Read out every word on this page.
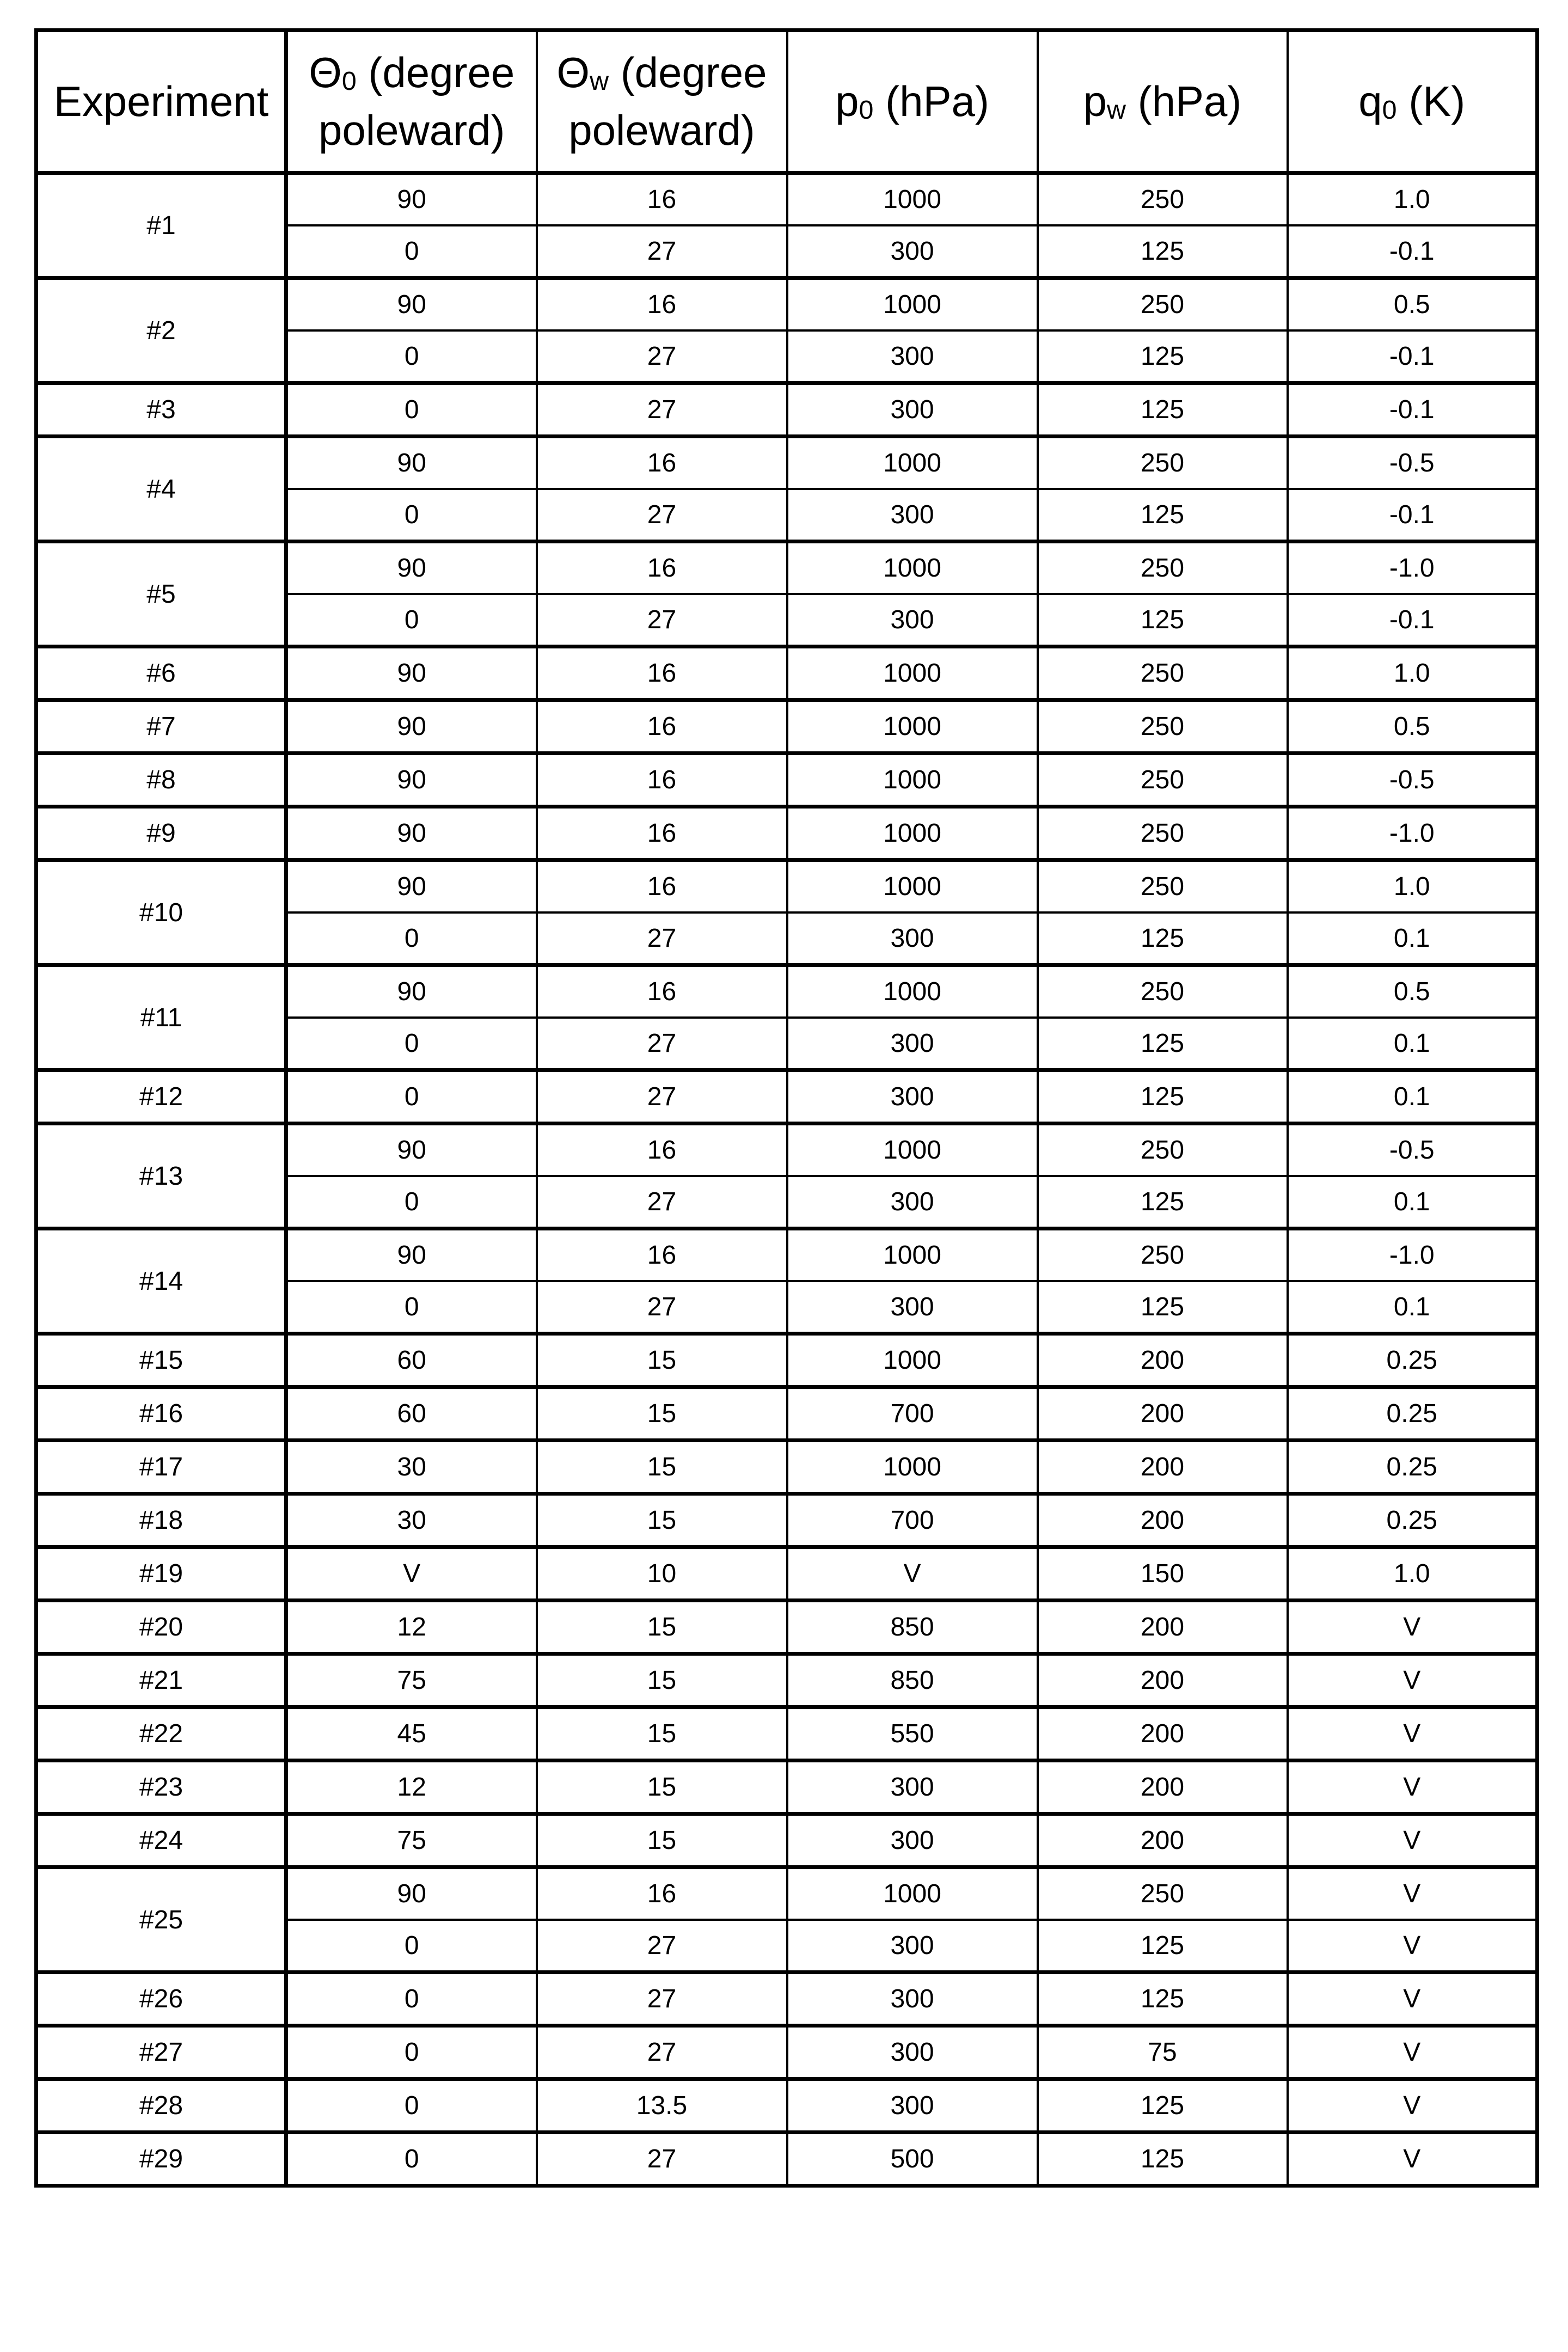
Experiment	$\Theta_0$ (degree poleward)	$\Theta_w$ (degree poleward)	$p_0$ (hPa)	$p_w$ (hPa)	$q_0$ (K)
#1	90	16	1000	250	1.0
	0	27	300	125	-0.1
#2	90	16	1000	250	0.5
	0	27	300	125	-0.1
#3	0	27	300	125	-0.1
#4	90	16	1000	250	-0.5
	0	27	300	125	-0.1
#5	90	16	1000	250	-1.0
	0	27	300	125	-0.1
#6	90	16	1000	250	1.0
#7	90	16	1000	250	0.5
#8	90	16	1000	250	-0.5
#9	90	16	1000	250	-1.0
#10	90	16	1000	250	1.0
	0	27	300	125	0.1
#11	90	16	1000	250	0.5
	0	27	300	125	0.1
#12	0	27	300	125	0.1
#13	90	16	1000	250	-0.5
	0	27	300	125	0.1
#14	90	16	1000	250	-1.0
	0	27	300	125	0.1
#15	60	15	1000	200	0.25
#16	60	15	700	200	0.25
#17	30	15	1000	200	0.25
#18	30	15	700	200	0.25
#19	V	10	V	150	1.0
#20	12	15	850	200	V
#21	75	15	850	200	V
#22	45	15	550	200	V
#23	12	15	300	200	V
#24	75	15	300	200	V
#25	90	16	1000	250	V
	0	27	300	125	V
#26	0	27	300	125	V
#27	0	27	300	75	V
#28	0	13.5	300	125	V
#29	0	27	500	125	V
